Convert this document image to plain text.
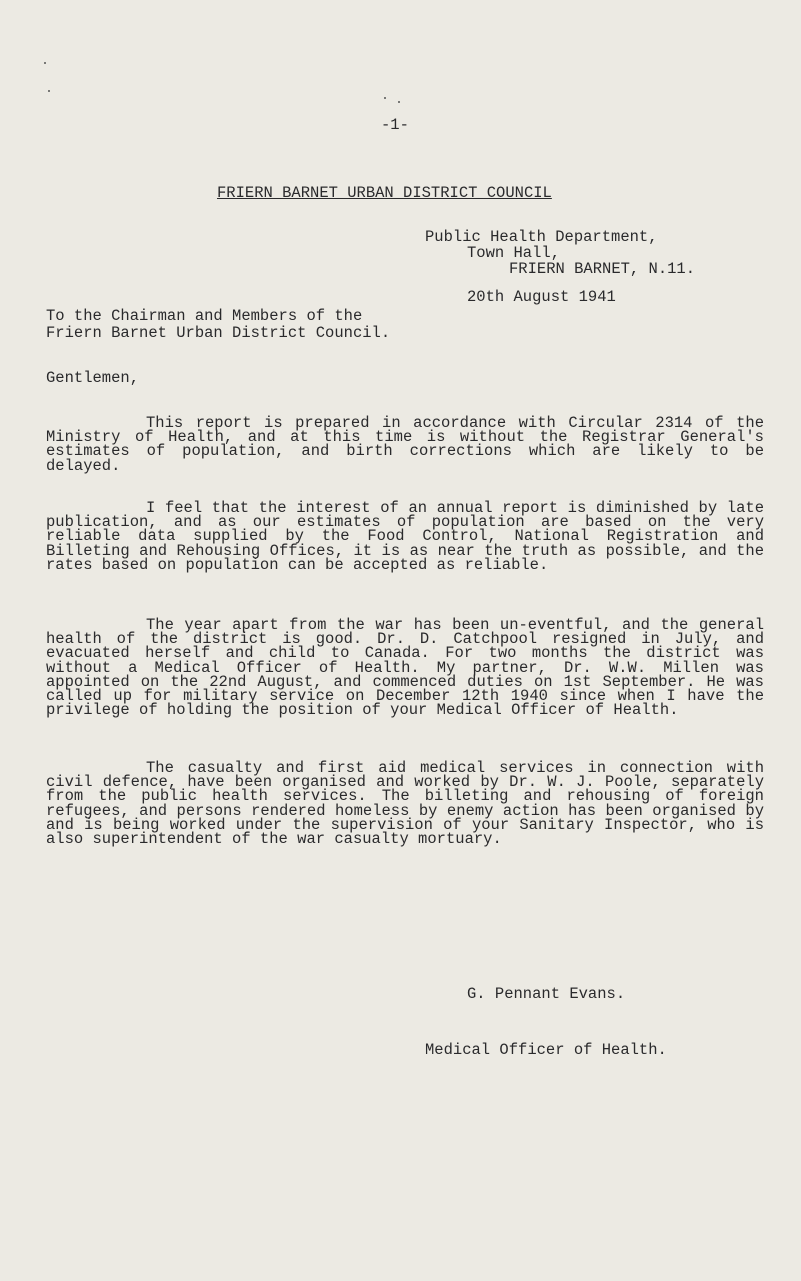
-1-
FRIERN BARNET URBAN DISTRICT COUNCIL
Public Health Department,
Town Hall,
FRIERN BARNET, N.11.
20th August 1941
To the Chairman and Members of the
Friern Barnet Urban District Council.
Gentlemen,
This report is prepared in accordance with Circular 2314 of the Ministry of Health, and at this time is without the Registrar General's estimates of population, and birth corrections which are likely to be delayed.
I feel that the interest of an annual report is diminished by late publication, and as our estimates of population are based on the very reliable data supplied by the Food Control, National Registration and Billeting and Rehousing Offices, it is as near the truth as possible, and the rates based on population can be accepted as reliable.
The year apart from the war has been un-eventful, and the general health of the district is good. Dr. D. Catchpool resigned in July, and evacuated herself and child to Canada. For two months the district was without a Medical Officer of Health. My partner, Dr. W.W. Millen was appointed on the 22nd August, and commenced duties on 1st September. He was called up for military service on December 12th 1940 since when I have the privilege of holding the position of your Medical Officer of Health.
The casualty and first aid medical services in connection with civil defence, have been organised and worked by Dr. W. J. Poole, separately from the public health services. The billeting and rehousing of foreign refugees, and persons rendered homeless by enemy action has been organised by and is being worked under the supervision of your Sanitary Inspector, who is also superintendent of the war casualty mortuary.
G. Pennant Evans.
Medical Officer of Health.
